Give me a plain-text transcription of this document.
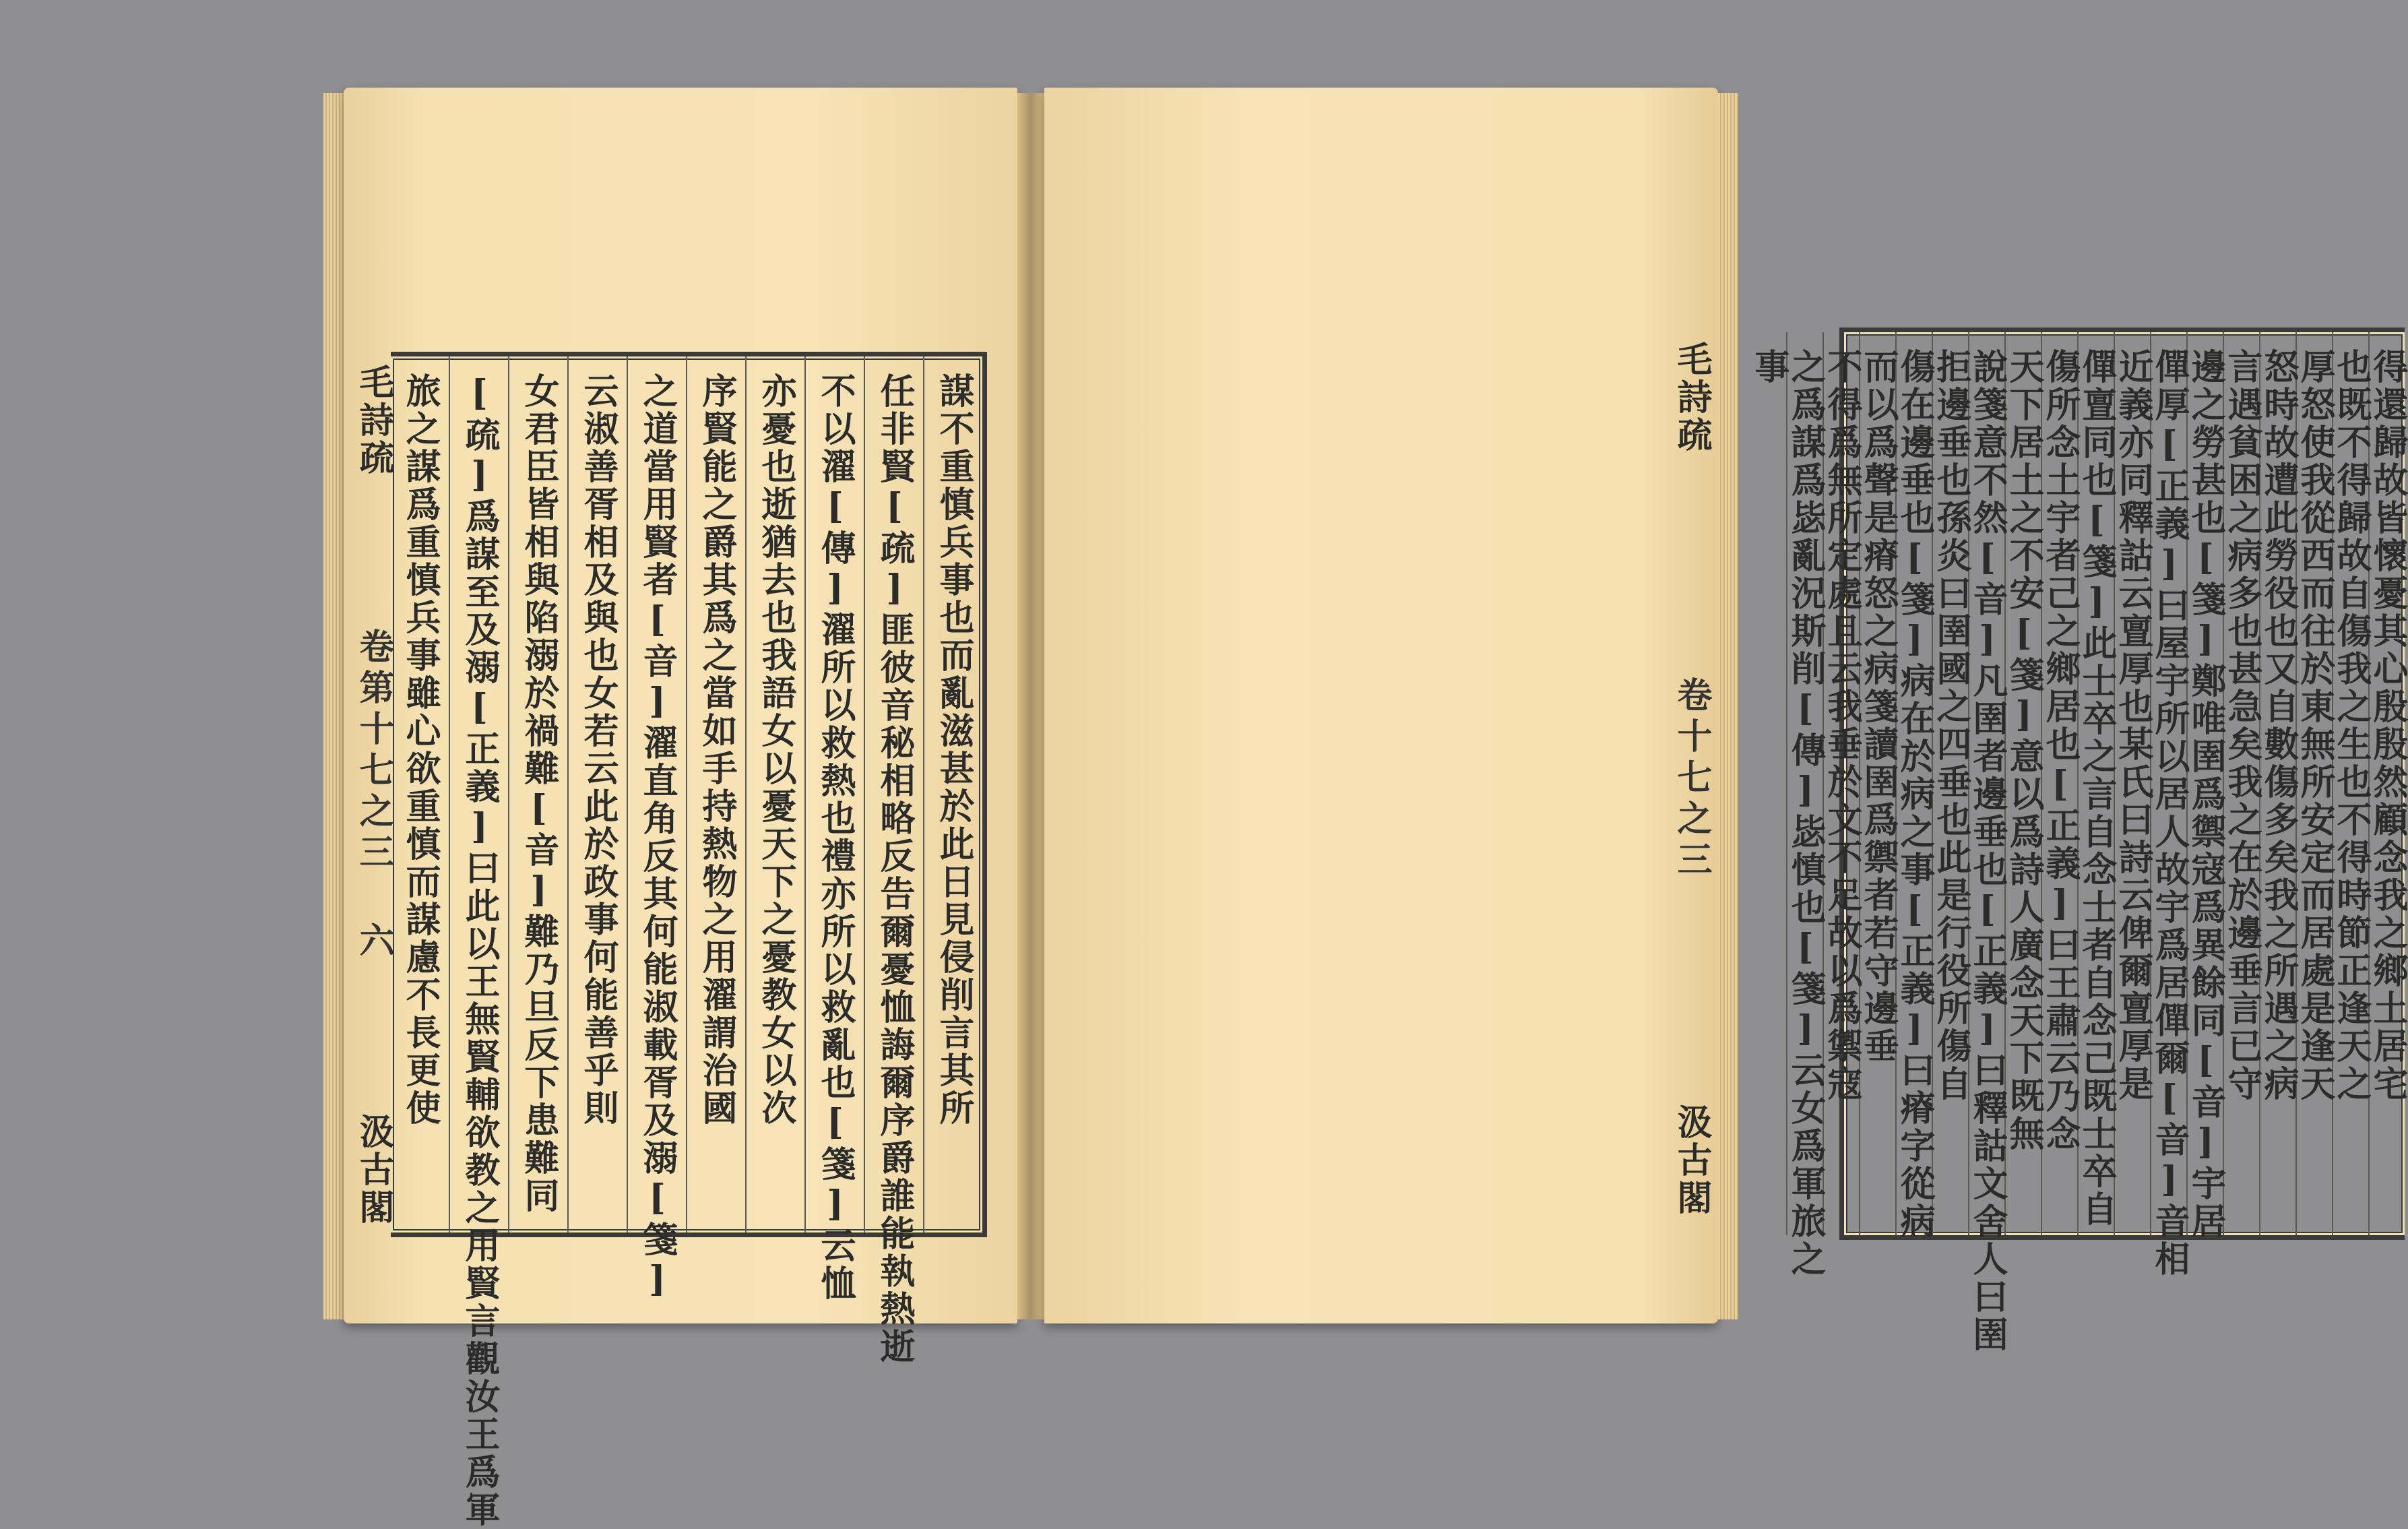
謀不重慎兵事也而亂滋甚於此日見侵削言其所
任非賢[疏]匪彼音秘相略反告爾憂恤誨爾序爵誰能執熱逝
不以濯[傳]濯所以救熱也禮亦所以救亂也[箋]云恤
亦憂也逝猶去也我語女以憂天下之憂教女以次
序賢能之爵其爲之當如手持熱物之用濯謂治國
之道當用賢者[音]濯直角反其何能淑載胥及溺[箋]
云淑善胥相及與也女若云此於政事何能善乎則
女君臣皆相與陷溺於禍難[音]難乃旦反下患難同
[疏]爲謀至及溺[正義]曰此以王無賢輔欲教之用賢言觀汝王爲軍
旅之謀爲重慎兵事雖心欲重慎而謀慮不長更使
毛詩疏
卷第十七之三 六
汲古閣
得還歸故皆懷憂其心殷殷然顧念我之鄉土居宅
也既不得歸故自傷我之生也不得時節正逢天之
厚怒使我從西而往於東無所安定而居處是逢天
怒時故遭此勞役也又自數傷多矣我之所遇之病
言遇貧困之病多也甚急矣我之在於邊垂言已守
邊之勞甚也[箋]鄭唯圉爲禦寇爲異餘同[音]宇居
僤厚[正義]曰屋宇所以居人故宇爲居僤爾[音]音相
近義亦同釋詁云亶厚也某氏曰詩云俾爾亶厚是
僤亶同也[箋]此士卒之言自念士者自念己既士卒自
傷所念土宇者己之鄉居也[正義]曰王肅云乃念
天下居土之不安[箋]意以爲詩人廣念天下既無
說箋意不然[音]凡圉者邊垂也[正義]曰釋詁文舍人曰圉
拒邊垂也孫炎曰圉國之四垂也此是行役所傷自
傷在邊垂也[箋]病在於病之事[正義]曰瘠字從病
而以爲聲是瘠怒之病箋讀圉爲禦者若守邊垂
不得爲無所定處且云我垂於文不足故以爲禦寇
之爲謀爲毖亂況斯削[傳]毖慎也[箋]云女爲軍旅之
事
毛詩疏
卷十七之三
汲古閣
